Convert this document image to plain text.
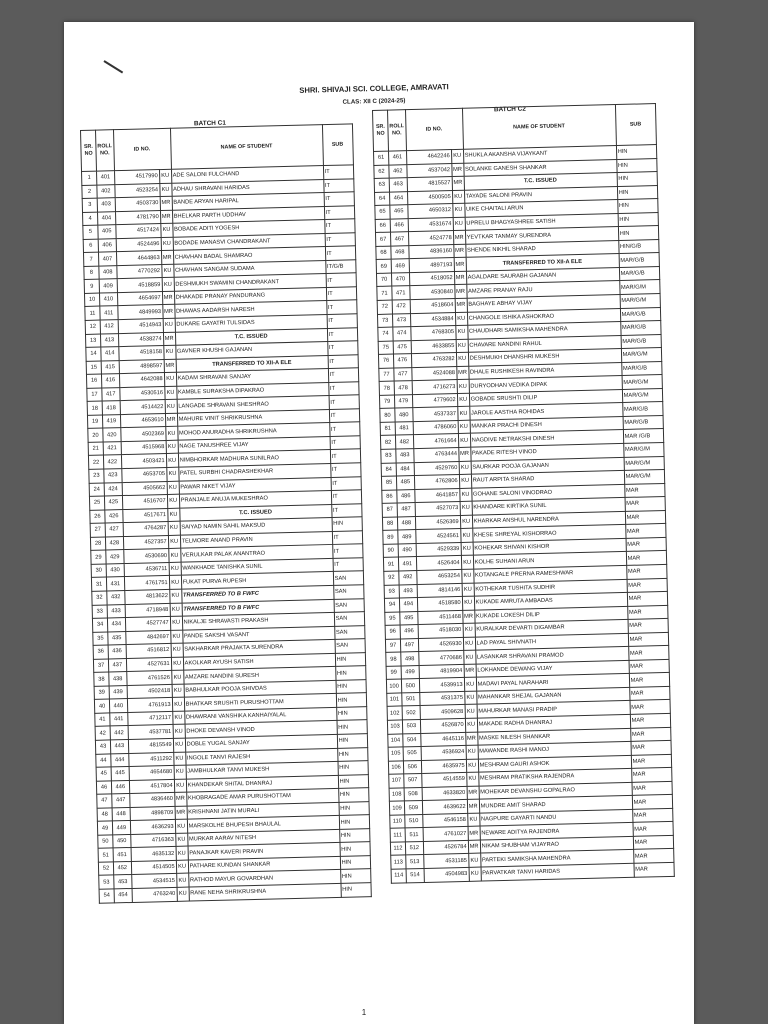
SHRI. SHIVAJI SCI. COLLEGE, AMRAVATI
CLAS: XII C (2024-25)
BATCH C1
BATCH C2
SR. NO	ROLL NO.	ID NO.		NAME OF STUDENT	SUB
1	401	4517990	KU	ADE SALONI FULCHAND	IT
2	402	4523254	KU	ADHAU SHRAVANI HARIDAS	IT
3	403	4503730	MR	BANDE ARYAN HARIPAL	IT
4	404	4781790	MR	BHELKAR PARTH UDDHAV	IT
5	405	4517424	KU	BOBADE ADITI YOGESH	IT
6	406	4524496	KU	BODADE MANASVI CHANDRAKANT	IT
7	407	4644863	MR	CHAVHAN BADAL SHAMRAO	IT
8	408	4770292	KU	CHAVHAN SANGAM SUDAMA	IT/G/B
9	409	4518859	KU	DESHMUKH SWAMINI CHANDRAKANT	IT
10	410	4654697	MR	DHAKADE PRANAY PANDURANG	IT
11	411	4849993	MR	DHAWAS AADARSH NARESH	IT
12	412	4514943	KU	DUKARE GAYATRI TULSIDAS	IT
13	413	4538274	MR	T.C. ISSUED	IT
14	414	4518158	KU	GAVNER KHUSHI GAJANAN	IT
15	415	4898597	MR	TRANSFERRED TO XII-A ELE	IT
16	416	4642088	KU	KADAM SHRAVANI SANJAY	IT
17	417	4530516	KU	KAMBLE SURAKSHA DIPAKRAO	IT
18	418	4514422	KU	LANGADE SHRAVANI SHESHRAO	IT
19	419	4653610	MR	MAHURE VINIT SHRIKRUSHNA	IT
20	420	4502369	KU	MOHOD ANURADHA SHRIKRUSHNA	IT
21	421	4515968	KU	NAGE TANUSHREE VIJAY	IT
22	422	4503421	KU	NIMBHORKAR MADHURA SUNILRAO	IT
23	423	4653705	KU	PATEL SURBHI CHADRASHEKHAR	IT
24	424	4505662	KU	PAWAR NIKET VIJAY	IT
25	425	4516707	KU	PRANJALE ANUJA MUKESHRAO	IT
26	426	4517671	KU	T.C. ISSUED	IT
27	427	4764287	KU	SAIYAD NAMIN SAHIL MAKSUD	HIN
28	428	4527357	KU	TELMORE ANAND PRAVIN	IT
29	429	4530690	KU	VERULKAR PALAK ANANTRAO	IT
30	430	4536711	KU	WANKHADE TANISHKA SUNIL	IT
31	431	4761751	KU	FUKAT PURVA RUPESH	SAN
32	432	4813622	KU	TRANSFERRED TO B FWFC	SAN
33	433	4718948	KU	TRANSFERRED TO B FWFC	SAN
34	434	4527747	KU	NIKALJE SHRAVASTI PRAKASH	SAN
35	435	4842697	KU	PANDE SAKSHI VASANT	SAN
36	436	4516812	KU	SAKHARKAR PRAJAKTA SURENDRA	SAN
37	437	4527631	KU	AKOLKAR AYUSH SATISH	HIN
38	438	4761526	KU	AMZARE NANDINI SURESH	HIN
39	439	4502418	KU	BABHULKAR POOJA SHIVDAS	HIN
40	440	4761913	KU	BHATKAR SRUSHTI PURUSHOTTAM	HIN
41	441	4712117	KU	DHAWRANI VANSHIKA KANHAIYALAL	HIN
42	442	4537781	KU	DHOKE DEVANSH VINOD	HIN
43	443	4815549	KU	DOBLE YUGAL SANJAY	HIN
44	444	4511292	KU	INGOLE TANVI RAJESH	HIN
45	445	4654680	KU	JAMBHULKAR TANVI MUKESH	HIN
46	446	4517804	KU	KHANDEKAR SHITAL DHANRAJ	HIN
47	447	4836460	MR	KHOBRAGADE AMAR PURUSHOTTAM	HIN
48	448	4898709	MR	KRISHNANI JATIN MURALI	HIN
49	449	4636293	KU	MARSKOLHE BHUPESH BHAULAL	HIN
50	450	4716363	KU	MURKAR AARAV NITESH	HIN
51	451	4635132	KU	PANAJKAR KAVERI PRAVIN	HIN
52	452	4514505	KU	PATHARE KUNDAN SHANKAR	HIN
53	453	4534515	KU	RATHOD MAYUR GOVARDHAN	HIN
54	454	4763240	KU	RANE NEHA SHRIKRUSHNA	HIN
SR. NO	ROLL NO.	ID NO.		NAME OF STUDENT	SUB
61	461	4642246	KU	SHUKLA AKANSHA VIJAYKANT	HIN
62	462	4537042	MR	SOLANKE GANESH SHANKAR	HIN
63	463	4815527	MR	T.C. ISSUED	HIN
64	464	4500505	KU	TAYADE SALONI PRAVIN	HIN
65	465	4650312	KU	UIKE CHAITALI ARUN	HIN
66	466	4531674	KU	UPRELU BHAGYASHREE SATISH	HIN
67	467	4524778	MR	YEVTKAR TANMAY SURENDRA	HIN
68	468	4836160	MR	SHENDE NIKHIL SHARAD	HIN/G/B
69	469	4897193	MR	TRANSFERRED TO XII-A ELE	MAR/G/B
70	470	4518052	MR	AGALDARE SAURABH GAJANAN	MAR/G/B
71	471	4530840	MR	AMZARE PRANAY RAJU	MAR/G/M
72	472	4518604	MR	BAGHAYE ABHAY VIJAY	MAR/G/M
73	473	4534884	KU	CHANGOLE ISHIKA ASHOKRAO	MAR/G/B
74	474	4768305	KU	CHAUDHARI SAMIKSHA MAHENDRA	MAR/G/B
75	475	4633855	KU	CHAVARE NANDINI RAHUL	MAR/G/B
76	476	4763282	KU	DESHMUKH DHANSHRI MUKESH	MAR/G/M
77	477	4524088	MR	DHALE RUSHIKESH RAVINDRA	MAR/G/B
78	478	4716273	KU	DURYODHAN VEDIKA DIPAK	MAR/G/M
79	479	4779602	KU	GOBADE SRUSHTI DILIP	MAR/G/M
80	480	4537337	KU	JAROLE AASTHA ROHIDAS	MAR/G/B
81	481	4786060	KU	MANKAR PRACHI DINESH	MAR/G/B
82	482	4761664	KU	NAGDIVE NETRAKSHI DINESH	MAR /G/B
83	483	4763444	MR	PAKADE RITESH VINOD	MAR/G/M
84	484	4529760	KU	SAURKAR POOJA GAJANAN	MAR/G/M
85	485	4762806	KU	RAUT ARPITA SHARAD	MAR/G/M
86	486	4641857	KU	GOHANE SALONI VINODRAO	MAR
87	487	4527073	KU	KHANDARE KIRTIKA SUNIL	MAR
88	488	4526369	KU	KHARKAR ANSHUL NARENDRA	MAR
89	489	4524561	KU	KHESE SHREYAL KISHORRAO	MAR
90	490	4529339	KU	KOHEKAR SHIVANI KISHOR	MAR
91	491	4526404	KU	KOLHE SUHANI ARUN	MAR
92	492	4653254	KU	KOTANGALE PRERNA RAMESHWAR	MAR
93	493	4814146	KU	KOTHEKAR TUSHITA SUDHIR	MAR
94	494	4518580	KU	KUKADE AMRUTA AMBADAS	MAR
95	495	4511468	MR	KUKADE LOKESH DILIP	MAR
96	496	4518030	KU	KURALKAR DEVARTI DIGAMBAR	MAR
97	497	4526930	KU	LAD PAYAL SHIVNATH	MAR
98	498	4770686	KU	LASANKAR SHRAVANI PRAMOD	MAR
99	499	4819904	MR	LOKHANDE DEWANG VIJAY	MAR
100	500	4539913	KU	MADAVI PAYAL NARAHARI	MAR
101	501	4531375	KU	MAHANKAR SHEJAL GAJANAN	MAR
102	502	4509628	KU	MAHURKAR MANASI PRADIP	MAR
103	503	4526870	KU	MAKADE RADHA DHANRAJ	MAR
104	504	4645116	MR	MASKE NILESH SHANKAR	MAR
105	505	4536924	KU	MAWANDE RASHI MANOJ	MAR
106	506	4635975	KU	MESHRAM GAURI ASHOK	MAR
107	507	4514559	KU	MESHRAM PRATIKSHA RAJENDRA	MAR
108	508	4633820	MR	MOHEKAR DEVANSHU GOPALRAO	MAR
109	509	4639622	MR	MUNDRE AMIT SHARAD	MAR
110	510	4546158	KU	NAGPURE GAYARTI NANDU	MAR
111	511	4761027	MR	NEWARE ADITYA RAJENDRA	MAR
112	512	4526784	MR	NIKAM SHUBHAM VIJAYRAO	MAR
113	513	4531185	KU	PARTEKI SAMIKSHA MAHENDRA	MAR
114	514	4504983	KU	PARVATKAR TANVI HARIDAS	MAR
1
